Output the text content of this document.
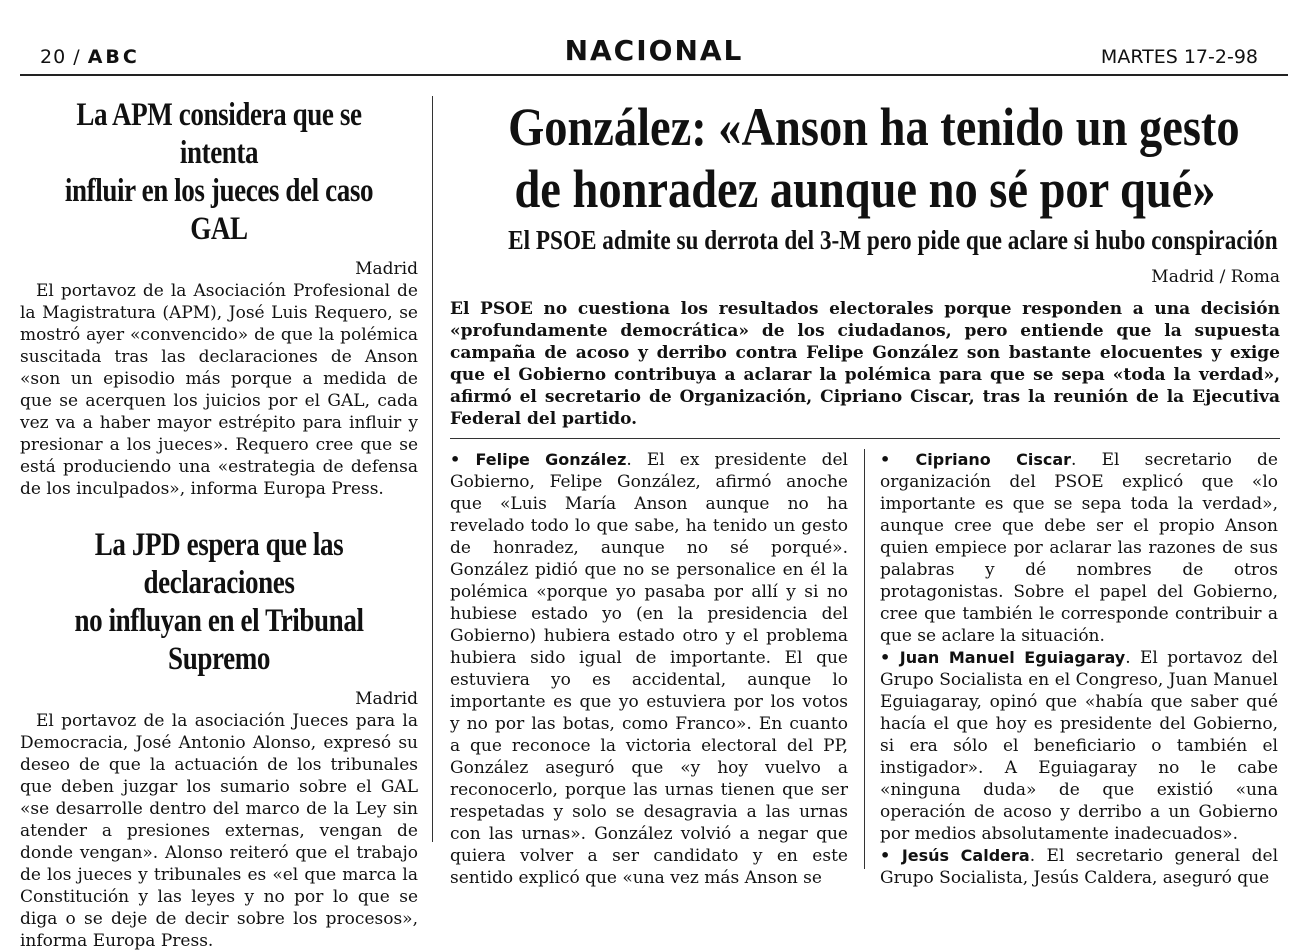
20 / ABC	NACIONAL	MARTES 17-2-98

La APM considera que se intenta

influir en los jueces del caso GAL

Madrid

El portavoz de la Asociación Profesional de la Magistratura (APM), José Luis Requero, se mostró ayer «convencido» de que la polémica suscitada tras las declaraciones de Anson «son un episodio más porque a medida de que se acerquen los juicios por el GAL, cada vez va a haber mayor estrépito para influir y presionar a los jueces». Requero cree que se está produciendo una «estrategia de defensa de los inculpados», informa Europa Press.

La JPD espera que las declaraciones

no influyan en el Tribunal Supremo

Madrid

El portavoz de la asociación Jueces para la Democracia, José Antonio Alonso, expresó su deseo de que la actuación de los tribunales que deben juzgar los sumario sobre el GAL «se desarrolle dentro del marco de la Ley sin atender a presiones externas, vengan de donde vengan». Alonso reiteró que el trabajo de los jueces y tribunales es «el que marca la Constitución y las leyes y no por lo que se diga o se deje de decir sobre los procesos», informa Europa Press.

González: «Anson ha tenido un gesto

de honradez aunque no sé por qué»

El PSOE admite su derrota del 3-M pero pide que aclare si hubo conspiración

Madrid / Roma

El PSOE no cuestiona los resultados electorales porque responden a una decisión «profundamente democrática» de los ciudadanos, pero entiende que la supuesta campaña de acoso y derribo contra Felipe González son bastante elocuentes y exige que el Gobierno contribuya a aclarar la polémica para que se sepa «toda la verdad», afirmó el secretario de Organización, Cipriano Ciscar, tras la reunión de la Ejecutiva Federal del partido.

• Felipe González. El ex presidente del Gobierno, Felipe González, afirmó anoche que «Luis María Anson aunque no ha revelado todo lo que sabe, ha tenido un gesto de honradez, aunque no sé porqué». González pidió que no se personalice en él la polémica «porque yo pasaba por allí y si no hubiese estado yo (en la presidencia del Gobierno) hubiera estado otro y el problema hubiera sido igual de importante. El que estuviera yo es accidental, aunque lo importante es que yo estuviera por los votos y no por las botas, como Franco». En cuanto a que reconoce la victoria electoral del PP, González aseguró que «y hoy vuelvo a reconocerlo, porque las urnas tienen que ser respetadas y solo se desagravia a las urnas con las urnas». González volvió a negar que quiera volver a ser candidato y en este sentido explicó que «una vez más Anson se

• Cipriano Ciscar. El secretario de organización del PSOE explicó que «lo importante es que se sepa toda la verdad», aunque cree que debe ser el propio Anson quien empiece por aclarar las razones de sus palabras y dé nombres de otros protagonistas. Sobre el papel del Gobierno, cree que también le corresponde contribuir a que se aclare la situación.

• Juan Manuel Eguiagaray. El portavoz del Grupo Socialista en el Congreso, Juan Manuel Eguiagaray, opinó que «había que saber qué hacía el que hoy es presidente del Gobierno, si era sólo el beneficiario o también el instigador». A Eguiagaray no le cabe «ninguna duda» de que existió «una operación de acoso y derribo a un Gobierno por medios absolutamente inadecuados».

• Jesús Caldera. El secretario general del Grupo Socialista, Jesús Caldera, aseguró que
